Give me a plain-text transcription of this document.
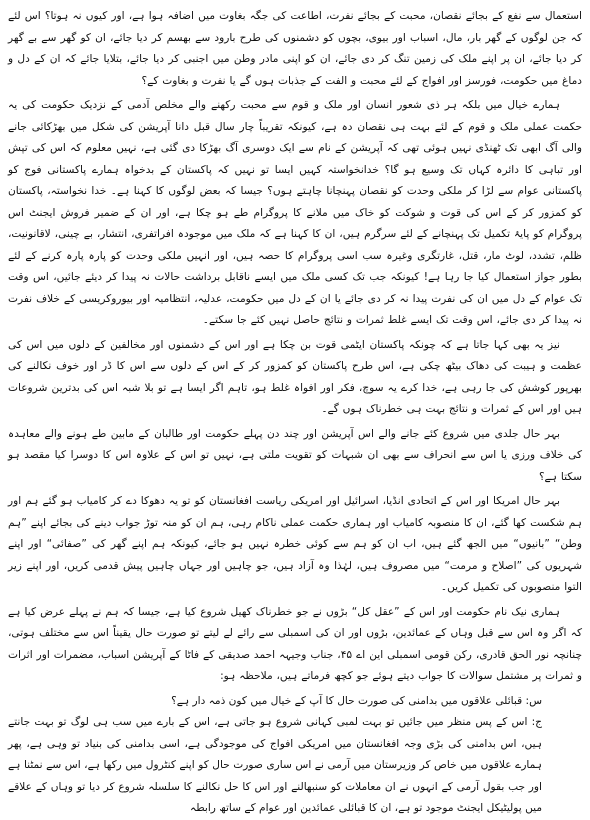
استعمال سے نفع کے بجائے نقصان، محبت کے بجائے نفرت، اطاعت کی جگہ بغاوت میں اضافہ ہوا ہے، اور کیوں نہ ہوتا؟ اس لئے کہ جن لوگوں کے گھر بار، مال، اسباب اور بیوی، بچوں کو دشمنوں کی طرح بارود سے بھسم کر دیا جائے، ان کو گھر سے بے گھر کر دیا جائے، ان پر اپنے ملک کی زمین تنگ کر دی جائے، ان کو اپنی مادر وطن میں اجنبی کر دیا جائے، بتلایا جائے کہ ان کے دل و دماغ میں حکومت، فورسز اور افواج کے لئے محبت و الفت کے جذبات ہوں گے یا نفرت و بغاوت کے؟

ہمارے خیال میں بلکہ ہر ذی شعور انسان اور ملک و قوم سے محبت رکھنے والے مخلص آدمی کے نزدیک حکومت کی یہ حکمت عملی ملک و قوم کے لئے بہت ہی نقصان دہ ہے، کیونکہ تقریباً چار سال قبل دانا آپریشن کی شکل میں بھڑکائی جانے والی آگ ابھی تک ٹھنڈی نہیں ہوئی تھی کہ آپریشن کے نام سے ایک دوسری آگ بھڑکا دی گئی ہے، نہیں معلوم کہ اس کی تپش اور تباہی کا دائرہ کہاں تک وسیع ہو گا؟ خدانخواستہ کہیں ایسا تو نہیں کہ پاکستان کے بدخواہ ہمارے پاکستانی فوج کو پاکستانی عوام سے لڑا کر ملکی وحدت کو نقصان پہنچانا چاہتے ہوں؟ جیسا کہ بعض لوگوں کا کہنا ہے۔ خدا نخواستہ، پاکستان کو کمزور کر کے اس کی قوت و شوکت کو خاک میں ملانے کا پروگرام طے ہو چکا ہے، اور ان کے ضمیر فروش ایجنٹ اس پروگرام کو پایۂ تکمیل تک پہنچانے کے لئے سرگرم ہیں، ان کا کہنا ہے کہ ملک میں موجودہ افراتفری، انتشار، بے چینی، لاقانونیت، ظلم، تشدد، لوٹ مار، قتل، غارتگری وغیرہ سب اسی پروگرام کا حصہ ہیں، اور انہیں ملکی وحدت کو پارہ پارہ کرنے کے لئے بطور جواز استعمال کیا جا رہا ہے! کیونکہ جب تک کسی ملک میں ایسے ناقابل برداشت حالات نہ پیدا کر دیئے جائیں، اس وقت تک عوام کے دل میں ان کی نفرت پیدا نہ کر دی جائے یا ان کے دل میں حکومت، عدلیہ، انتظامیہ اور بیوروکریسی کے خلاف نفرت نہ پیدا کر دی جائے، اس وقت تک ایسے غلط ثمرات و نتائج حاصل نہیں کئے جا سکتے۔

نیز یہ بھی کہا جاتا ہے کہ چونکہ پاکستان ایٹمی قوت بن چکا ہے اور اس کے دشمنوں اور مخالفین کے دلوں میں اس کی عظمت و ہیبت کی دھاک بیٹھ چکی ہے، اس طرح پاکستان کو کمزور کر کے اس کے دلوں سے اس کا ڈر اور خوف نکالنے کی بھرپور کوشش کی جا رہی ہے، خدا کرے یہ سوچ، فکر اور افواہ غلط ہو، تاہم اگر ایسا ہے تو بلا شبہ اس کی بدترین شروعات ہیں اور اس کے ثمرات و نتائج بہت ہی خطرناک ہوں گے۔

بہر حال جلدی میں شروع کئے جانے والے اس آپریشن اور چند دن پہلے حکومت اور طالبان کے مابین طے ہونے والے معاہدہ کی خلاف ورزی یا اس سے انحراف سے بھی ان شبہات کو تقویت ملتی ہے، نہیں تو اس کے علاوہ اس کا دوسرا کیا مقصد ہو سکتا ہے؟

بہر حال امریکا اور اس کے اتحادی انڈیا، اسرائیل اور امریکی ریاست افغانستان کو تو یہ دھوکا دے کر کامیاب ہو گئے ہم اور ہم شکست کھا گئے، ان کا منصوبہ کامیاب اور ہماری حکمت عملی ناکام رہی، ہم ان کو منہ توڑ جواب دینے کی بجائے اپنے ”ہم وطن“ ”بانیوں“ میں الجھ گئے ہیں، اب ان کو ہم سے کوئی خطرہ نہیں ہو جائے، کیونکہ ہم اپنے گھر کی ”صفائی“ اور اپنے شہریوں کی ”اصلاح و مرمت“ میں مصروف ہیں، لہٰذا وہ آزاد ہیں، جو چاہیں اور جہاں چاہیں پیش قدمی کریں، اور اپنے زیر التوا منصوبوں کی تکمیل کریں۔

ہماری نیک نام حکومت اور اس کے ”عقل کل“ بڑوں نے جو خطرناک کھیل شروع کیا ہے، جیسا کہ ہم نے پہلے عرض کیا ہے کہ اگر وہ اس سے قبل وہاں کے عمائدین، بڑوں اور ان کی اسمبلی سے رائے لے لیتے تو صورت حال یقیناً اس سے مختلف ہوتی، چنانچہ نور الحق قادری، رکن قومی اسمبلی این اے ۴۵، جناب وجیہہ احمد صدیقی کے فاٹا کے آپریشن اسباب، مضمرات اور اثرات و ثمرات پر مشتمل سوالات کا جواب دیتے ہوئے جو کچھ فرماتے ہیں، ملاحظہ ہو:

س: قبائلی علاقوں میں بدامنی کی صورت حال کا آپ کے خیال میں کون ذمہ دار ہے؟

ج: اس کے پس منظر میں جائیں تو بہت لمبی کہانی شروع ہو جاتی ہے، اس کے بارے میں سب ہی لوگ تو بہت جانتے ہیں، اس بدامنی کی بڑی وجہ افغانستان میں امریکی افواج کی موجودگی ہے، اسی بدامنی کی بنیاد تو وہی ہے، پھر ہمارے علاقوں میں خاص کر وزیرستان میں آرمی نے اس ساری صورت حال کو اپنے کنٹرول میں رکھا ہے، اس سے نمٹنا ہے اور جب بقول آرمی کے انہوں نے ان معاملات کو سنبھالنے اور اس کا حل نکالنے کا سلسلہ شروع کر دیا تو وہاں کے علاقے میں پولیٹیکل ایجنٹ موجود تو ہے، ان کا قبائلی عمائدین اور عوام کے ساتھ رابطہ
